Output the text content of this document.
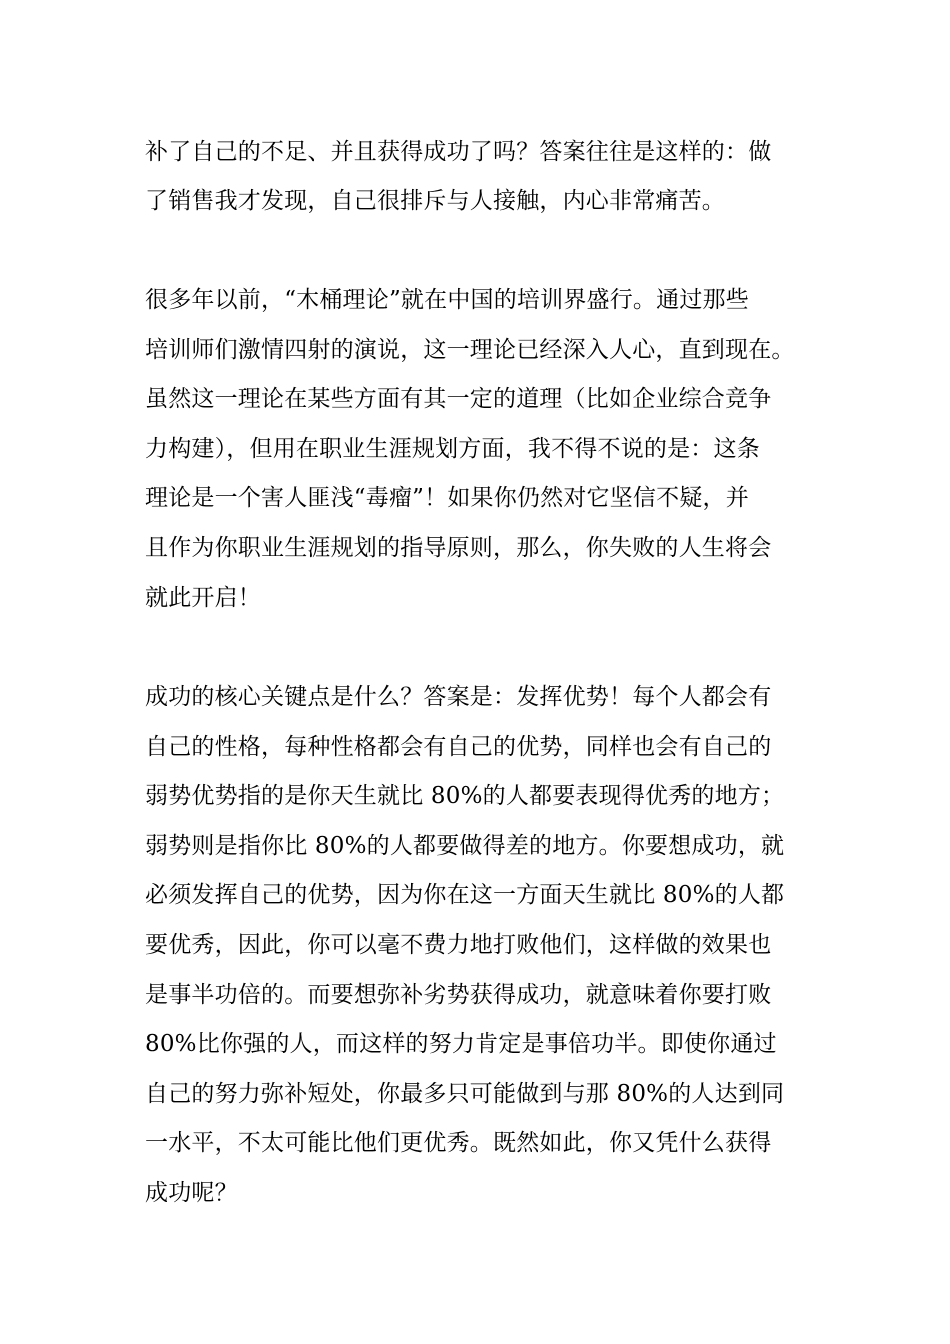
补了自己的不足、并且获得成功了吗？答案往往是这样的：做
了销售我才发现，自己很排斥与人接触，内心非常痛苦。
很多年以前，“木桶理论”就在中国的培训界盛行。通过那些
培训师们激情四射的演说，这一理论已经深入人心，直到现在。
虽然这一理论在某些方面有其一定的道理（比如企业综合竞争
力构建），但用在职业生涯规划方面，我不得不说的是：这条
理论是一个害人匪浅“毒瘤”！如果你仍然对它坚信不疑，并
且作为你职业生涯规划的指导原则，那么，你失败的人生将会
就此开启！
成功的核心关键点是什么？答案是：发挥优势！每个人都会有
自己的性格，每种性格都会有自己的优势，同样也会有自己的
弱势优势指的是你天生就比 80%的人都要表现得优秀的地方；
弱势则是指你比 80%的人都要做得差的地方。你要想成功，就
必须发挥自己的优势，因为你在这一方面天生就比 80%的人都
要优秀，因此，你可以毫不费力地打败他们，这样做的效果也
是事半功倍的。而要想弥补劣势获得成功，就意味着你要打败
80%比你强的人，而这样的努力肯定是事倍功半。即使你通过
自己的努力弥补短处，你最多只可能做到与那 80%的人达到同
一水平，不太可能比他们更优秀。既然如此，你又凭什么获得
成功呢？
